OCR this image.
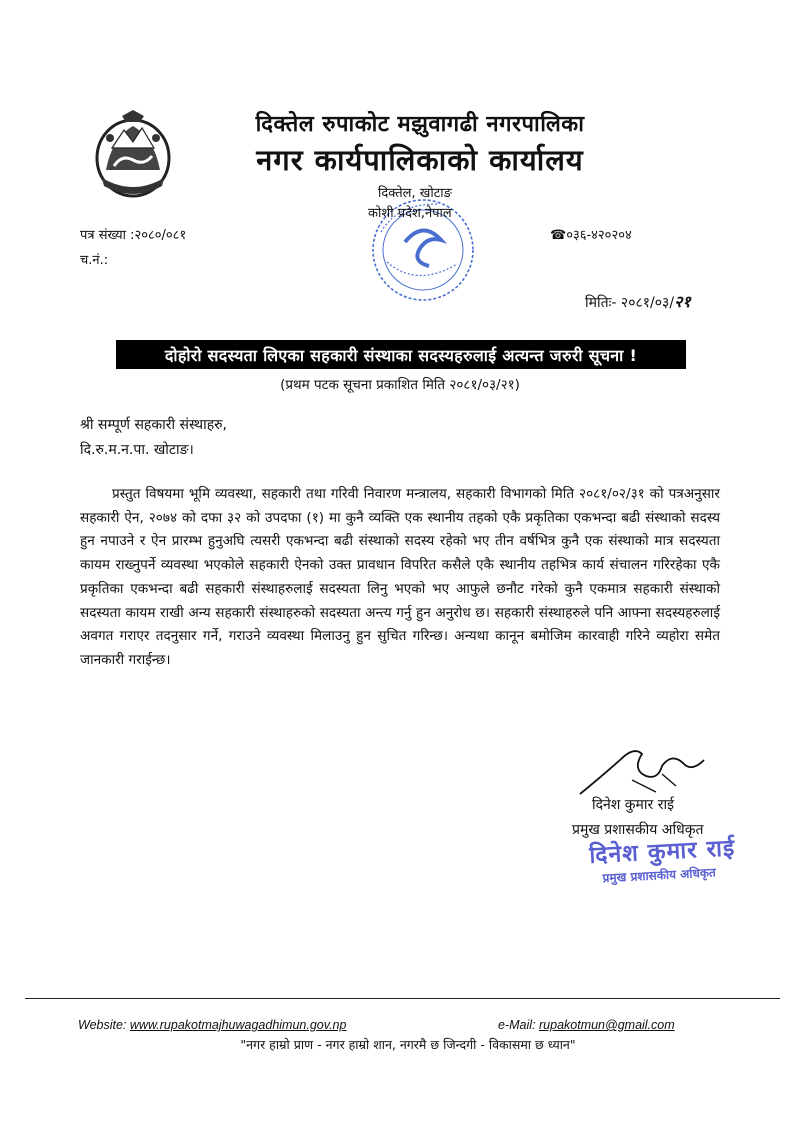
दिक्तेल रुपाकोट मझुवागढी नगरपालिका
नगर कार्यपालिकाको कार्यालय
दिक्तेल, खोटाङ
कोशी प्रदेश,नेपाल
पत्र संख्या :२०८०/०८१
च.नं.:
☎०३६-४२०२०४
मितिः- २०८१/०३/२१
दोहोरो सदस्यता लिएका सहकारी संस्थाका सदस्यहरुलाई अत्यन्त जरुरी सूचना !
(प्रथम पटक सूचना प्रकाशित मिति २०८१/०३/२१)
श्री सम्पूर्ण सहकारी संस्थाहरु,
दि.रु.म.न.पा. खोटाङ।
प्रस्तुत विषयमा भूमि व्यवस्था, सहकारी तथा गरिवी निवारण मन्त्रालय, सहकारी विभागको मिति २०८१/०२/३१ को पत्रअनुसार सहकारी ऐन, २०७४ को दफा ३२ को उपदफा (१) मा कुनै व्यक्ति एक स्थानीय तहको एकै प्रकृतिका एकभन्दा बढी संस्थाको सदस्य हुन नपाउने र ऐन प्रारम्भ हुनुअघि त्यसरी एकभन्दा बढी संस्थाको सदस्य रहेको भए तीन वर्षभित्र कुनै एक संस्थाको मात्र सदस्यता कायम राख्नुपर्ने व्यवस्था भएकोले सहकारी ऐनको उक्त प्रावधान विपरित कसैले एकै स्थानीय तहभित्र कार्य संचालन गरिरहेका एकै प्रकृतिका एकभन्दा बढी सहकारी संस्थाहरुलाई सदस्यता लिनु भएको भए आफुले छनौट गरेको कुनै एकमात्र सहकारी संस्थाको सदस्यता कायम राखी अन्य सहकारी संस्थाहरुको सदस्यता अन्त्य गर्नु हुन अनुरोध छ। सहकारी संस्थाहरुले पनि आफ्ना सदस्यहरुलाई अवगत गराएर तदनुसार गर्ने, गराउने व्यवस्था मिलाउनु हुन सुचित गरिन्छ। अन्यथा कानून बमोजिम कारवाही गरिने व्यहोरा समेत जानकारी गराईन्छ।
दिनेश कुमार राई
प्रमुख प्रशासकीय अधिकृत
दिनेश कुमार राई
प्रमुख प्रशासकीय अधिकृत
Website: www.rupakotmajhuwagadhimun.gov.np	e-Mail: rupakotmun@gmail.com
"नगर हाम्रो प्राण - नगर हाम्रो शान, नगरमै छ जिन्दगी - विकासमा छ ध्यान"
